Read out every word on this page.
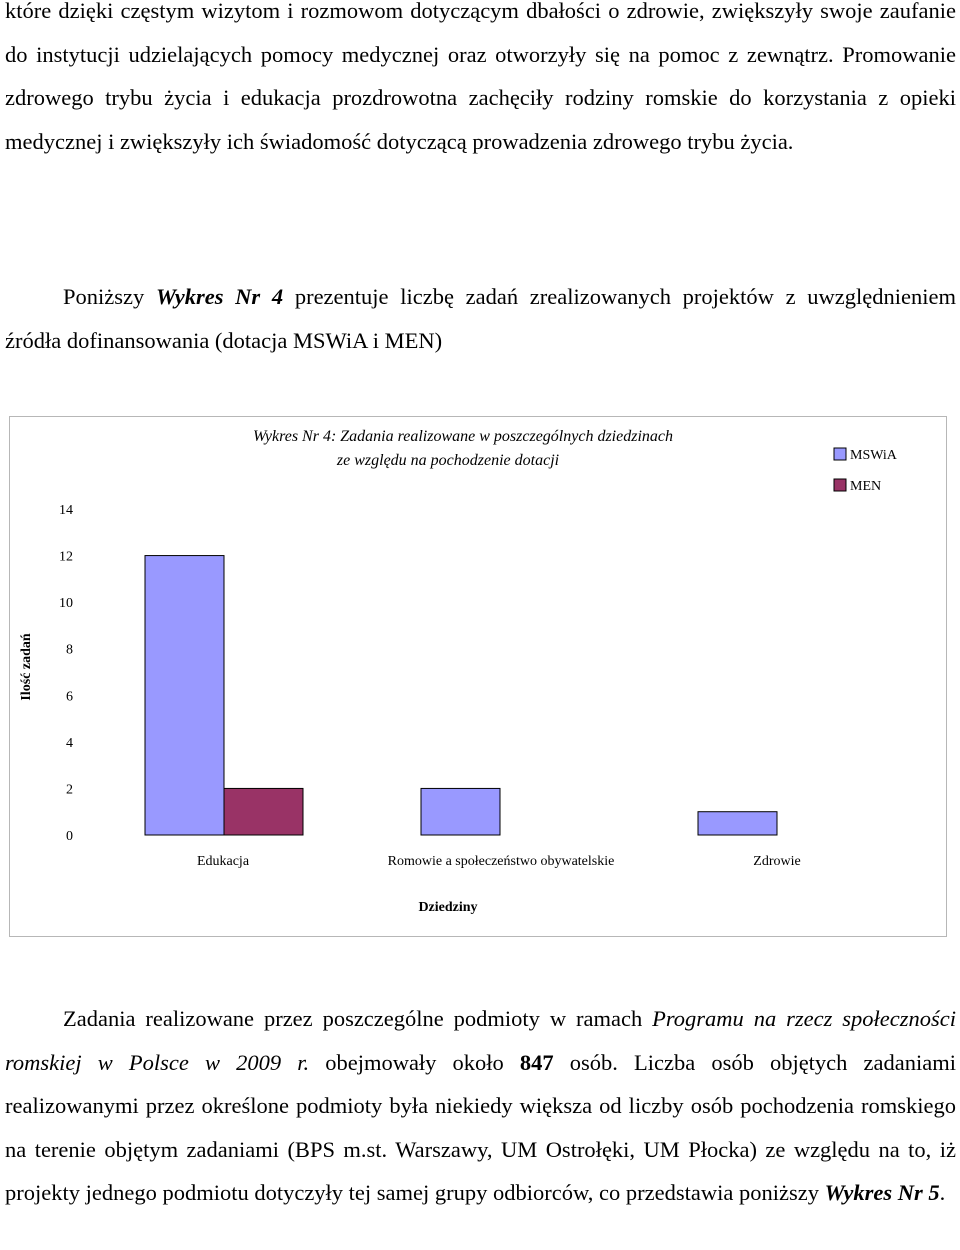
które dzięki częstym wizytom i rozmowom dotyczącym dbałości o zdrowie, zwiększyły swoje zaufanie do instytucji udzielających pomocy medycznej oraz otworzyły się na pomoc z zewnątrz. Promowanie zdrowego trybu życia i edukacja prozdrowotna zachęciły rodziny romskie do korzystania z opieki medycznej i zwiększyły ich świadomość dotyczącą prowadzenia zdrowego trybu życia.
Poniższy Wykres Nr 4 prezentuje liczbę zadań zrealizowanych projektów z uwzględnieniem źródła dofinansowania (dotacja MSWiA i MEN)
Wykres Nr 4: Zadania realizowane w poszczególnych dziedzinach
ze względu na pochodzenie dotacji
0
2
4
6
8
10
12
14
Edukacja	Romowie a społeczeństwo obywatelskie	Zdrowie
Ilość zadań
Dziedziny
MSWiA
MEN
Zadania realizowane przez poszczególne podmioty w ramach Programu na rzecz społeczności romskiej w Polsce w 2009 r. obejmowały około 847 osób. Liczba osób objętych zadaniami realizowanymi przez określone podmioty była niekiedy większa od liczby osób pochodzenia romskiego na terenie objętym zadaniami (BPS m.st. Warszawy, UM Ostrołęki, UM Płocka) ze względu na to, iż projekty jednego podmiotu dotyczyły tej samej grupy odbiorców, co przedstawia poniższy Wykres Nr 5.
